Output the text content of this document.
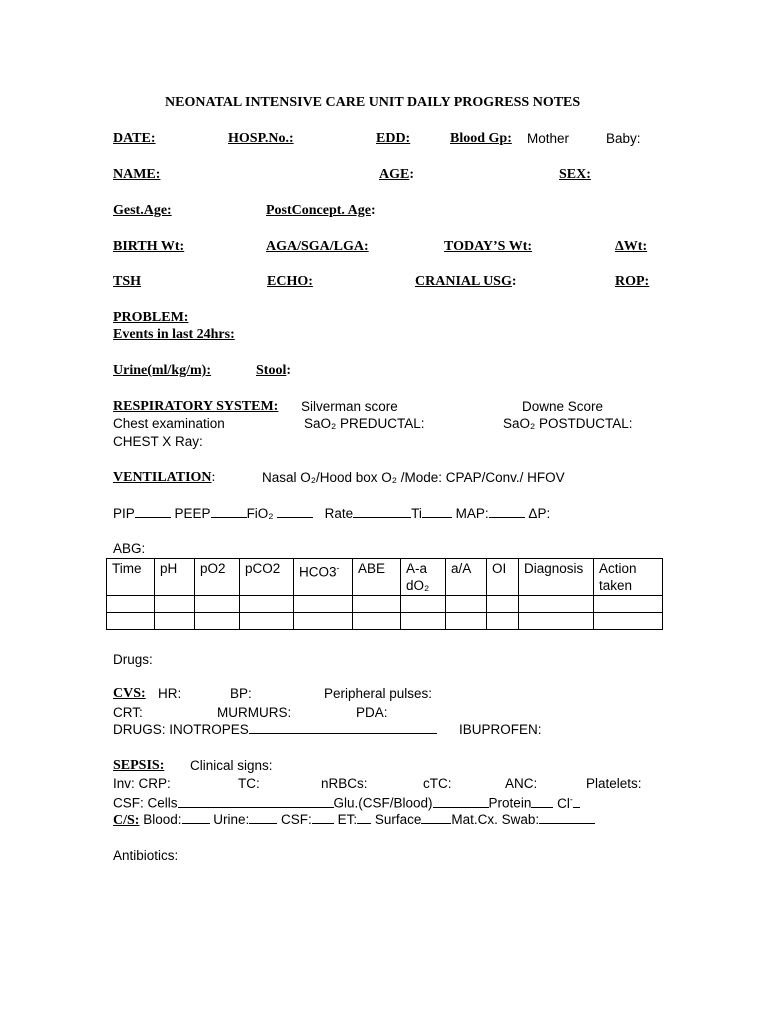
NEONATAL INTENSIVE CARE UNIT DAILY PROGRESS NOTES
DATE:	HOSP.No.:	EDD:	Blood Gp: Mother	Baby:
NAME:	AGE:	SEX:
Gest.Age:	PostConcept. Age:
BIRTH Wt:	AGA/SGA/LGA:	TODAY’S Wt:	ΔWt:
TSH	ECHO:	CRANIAL USG:	ROP:
PROBLEM:
Events in last 24hrs:
Urine(ml/kg/m):	Stool:
RESPIRATORY SYSTEM: Silverman score	Downe Score
Chest examination	SaO₂ PREDUCTAL:	SaO₂ POSTDUCTAL:
CHEST X Ray:
VENTILATION:	Nasal O₂/Hood box O₂ /Mode: CPAP/Conv./ HFOV
PIP	PEEP	FiO₂	Rate	Ti	MAP:	ΔP:
ABG:
Time	pH	pO2	pCO2	HCO3-	ABE	A-a dO₂	a/A	OI	Diagnosis	Action taken

Drugs:
CVS: HR:	BP:	Peripheral pulses:
CRT:	MURMURS:	PDA:
DRUGS: INOTROPES	IBUPROFEN:
SEPSIS: Clinical signs:
Inv: CRP:	TC:	nRBCs:	cTC:	ANC:	Platelets:
CSF: Cells	Glu.(CSF/Blood)	Protein Cl-
C/S: Blood: Urine: CSF: ET: Surface Mat.Cx. Swab:
Antibiotics:
